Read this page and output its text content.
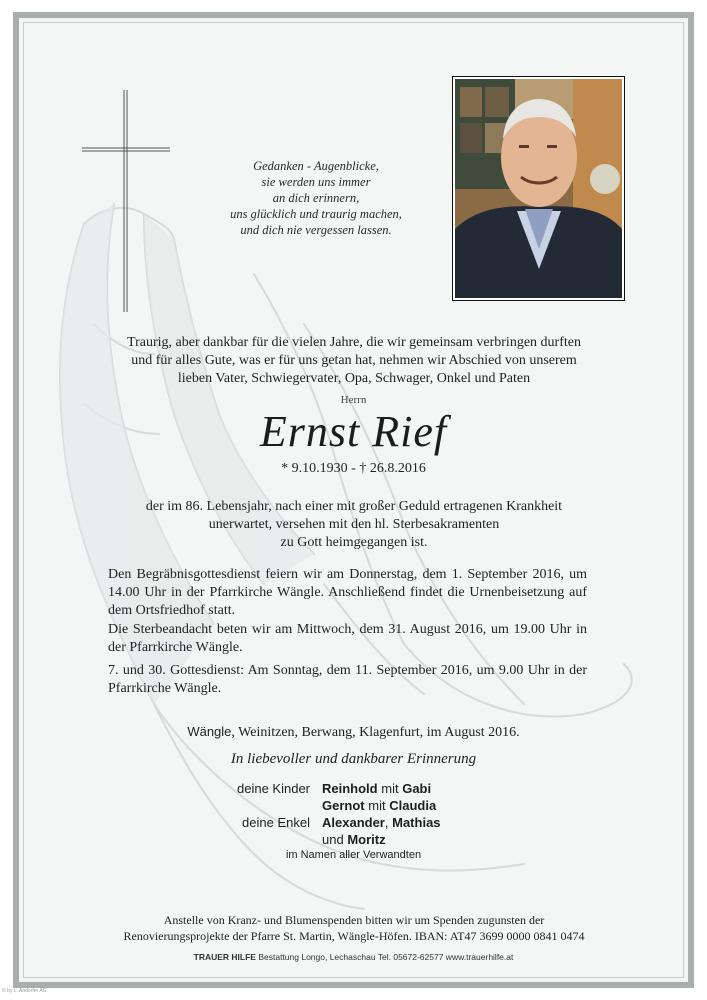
Gedanken - Augenblicke,
sie werden uns immer
an dich erinnern,
uns glücklich und traurig machen,
und dich nie vergessen lassen.
Traurig, aber dankbar für die vielen Jahre, die wir gemeinsam verbringen durften
und für alles Gute, was er für uns getan hat, nehmen wir Abschied von unserem
lieben Vater, Schwiegervater, Opa, Schwager, Onkel und Paten
Herrn
Ernst Rief
* 9.10.1930 - † 26.8.2016
der im 86. Lebensjahr, nach einer mit großer Geduld ertragenen Krankheit
unerwartet, versehen mit den hl. Sterbesakramenten
zu Gott heimgegangen ist.
Den Begräbnisgottesdienst feiern wir am Donnerstag, dem 1. September 2016, um 14.00 Uhr in der Pfarrkirche Wängle. Anschließend findet die Urnenbeisetzung auf dem Ortsfriedhof statt.
Die Sterbeandacht beten wir am Mittwoch, dem 31. August 2016, um 19.00 Uhr in der Pfarrkirche Wängle.
7. und 30. Gottesdienst: Am Sonntag, dem 11. September 2016, um 9.00 Uhr in der Pfarrkirche Wängle.
Wängle, Weinitzen, Berwang, Klagenfurt, im August 2016.
In liebevoller und dankbarer Erinnerung
deine Kinder Reinhold mit Gabi
Gernot mit Claudia
deine Enkel Alexander, Mathias
und Moritz
im Namen aller Verwandten
Anstelle von Kranz- und Blumenspenden bitten wir um Spenden zugunsten der
Renovierungsprojekte der Pfarre St. Martin, Wängle-Höfen. IBAN: AT47 3699 0000 0841 0474
TRAUER HILFE Bestattung Longo, Lechaschau Tel. 05672-62577 www.trauerhilfe.at
© by L. Andorfer AG
